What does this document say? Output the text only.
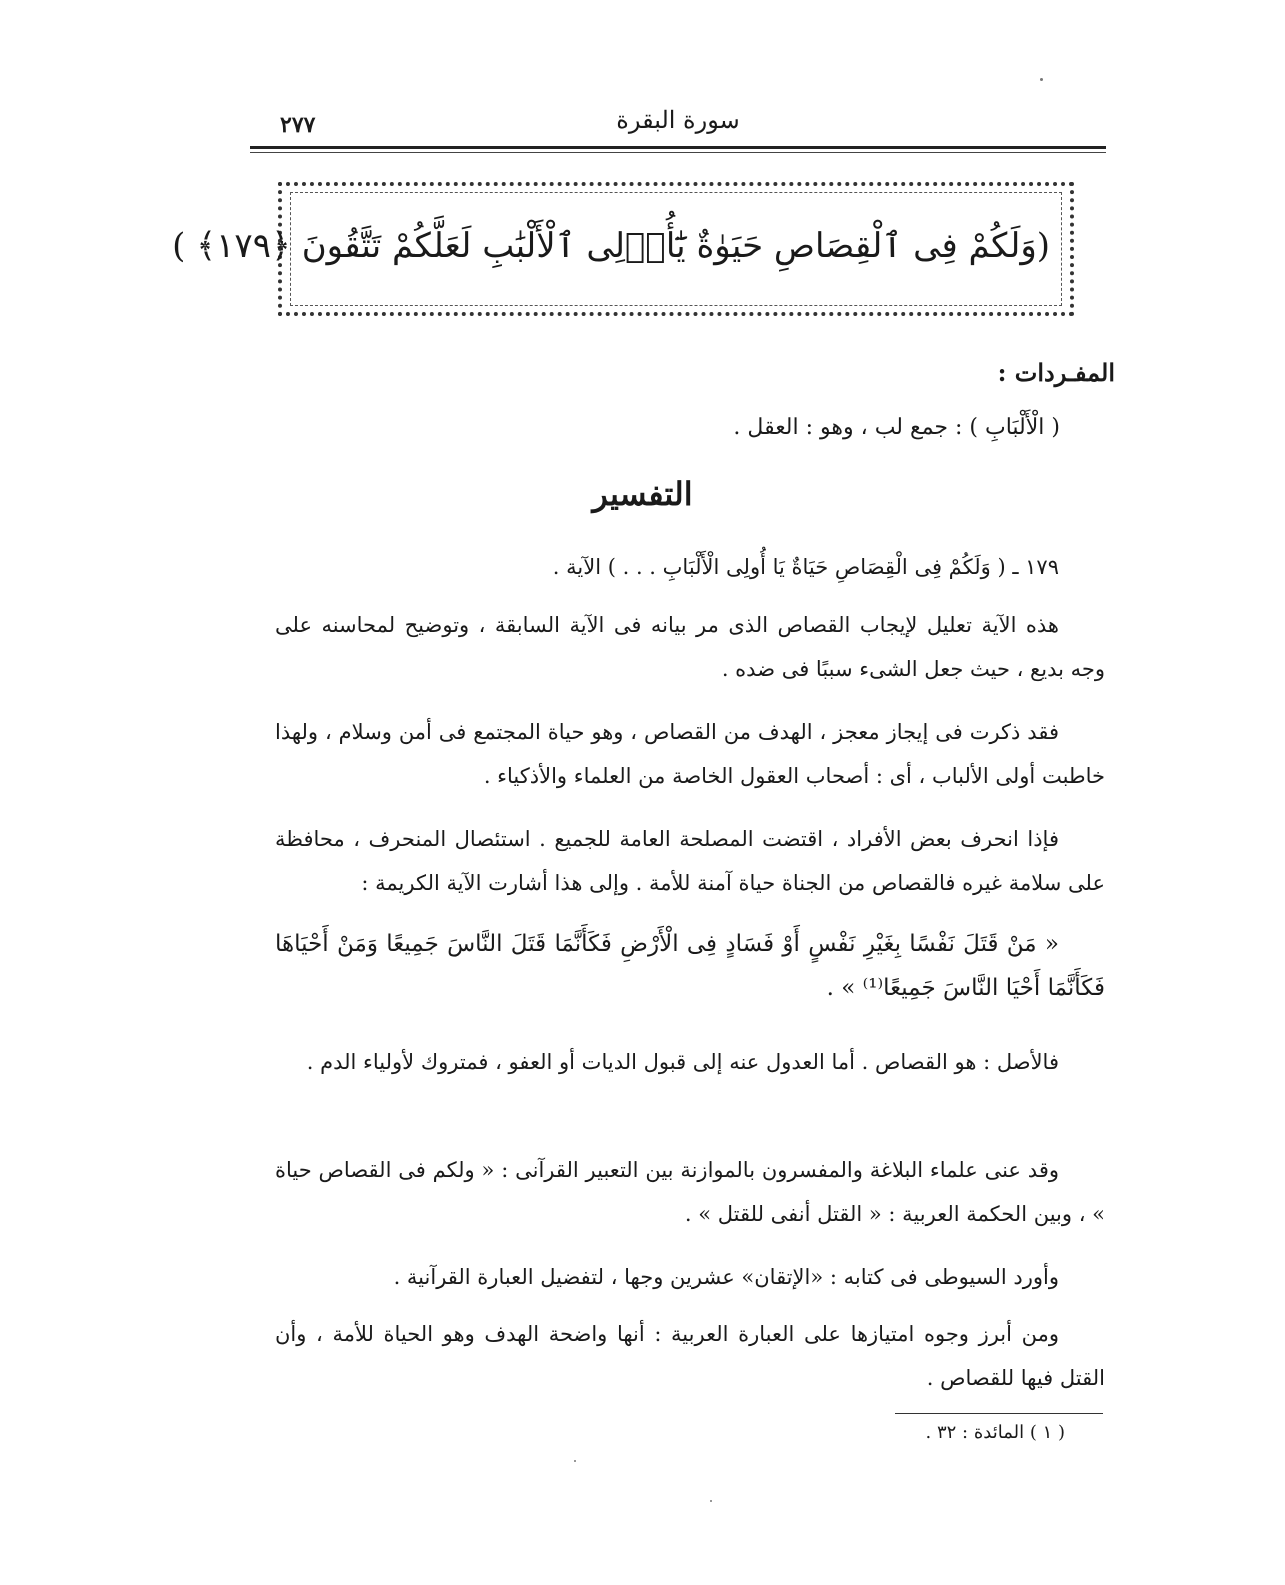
٢٧٧	سورة البقرة
(وَلَكُمْ فِى ٱلْقِصَاصِ حَيَوٰةٌ يَٰٓأُو۟لِى ٱلْأَلْبَٰبِ لَعَلَّكُمْ تَتَّقُونَ ﴿١٧٩﴾ )
المفـردات :
( الْأَلْبَابِ ) : جمع لب ، وهو : العقل .
التفسير
١٧٩ ـ ( وَلَكُمْ فِى الْقِصَاصِ حَيَاةٌ يَا أُولِى الْأَلْبَابِ . . . ) الآية .
هذه الآية تعليل لإيجاب القصاص الذى مر بيانه فى الآية السابقة ، وتوضيح لمحاسنه على وجه بديع ، حيث جعل الشىء سببًا فى ضده .
فقد ذكرت فى إيجاز معجز ، الهدف من القصاص ، وهو حياة المجتمع فى أمن وسلام ، ولهذا خاطبت أولى الألباب ، أى : أصحاب العقول الخاصة من العلماء والأذكياء .
فإذا انحرف بعض الأفراد ، اقتضت المصلحة العامة للجميع . استئصال المنحرف ، محافظة على سلامة غيره فالقصاص من الجناة حياة آمنة للأمة . وإلى هذا أشارت الآية الكريمة :
« مَنْ قَتَلَ نَفْسًا بِغَيْرِ نَفْسٍ أَوْ فَسَادٍ فِى الْأَرْضِ فَكَأَنَّمَا قَتَلَ النَّاسَ جَمِيعًا وَمَنْ أَحْيَاهَا فَكَأَنَّمَا أَحْيَا النَّاسَ جَمِيعًا⁽¹⁾ » .
فالأصل : هو القصاص . أما العدول عنه إلى قبول الديات أو العفو ، فمتروك لأولياء الدم .
وقد عنى علماء البلاغة والمفسرون بالموازنة بين التعبير القرآنى : « ولكم فى القصاص حياة » ، وبين الحكمة العربية : « القتل أنفى للقتل » .
وأورد السيوطى فى كتابه : «الإتقان» عشرين وجها ، لتفضيل العبارة القرآنية .
ومن أبرز وجوه امتيازها على العبارة العربية : أنها واضحة الهدف وهو الحياة للأمة ، وأن القتل فيها للقصاص .
( ١ ) المائدة : ٣٢ .
